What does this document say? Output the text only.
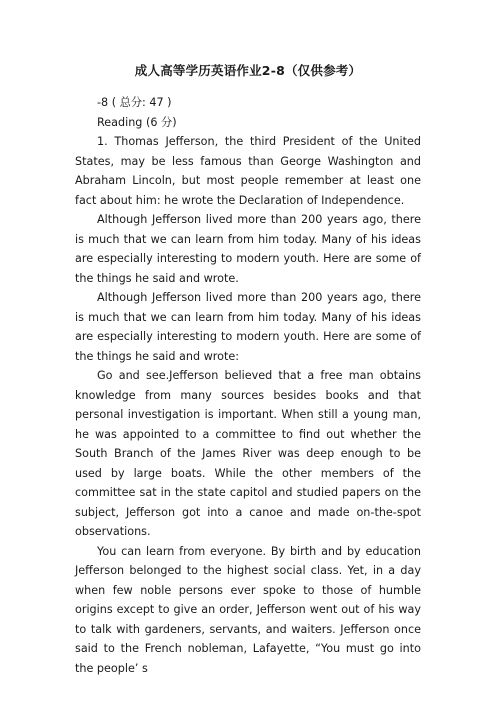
成人高等学历英语作业2-8（仅供参考）

-8 ( 总分: 47 )

Reading (6 分)

1. Thomas Jefferson, the third President of the United States, may be less famous than George Washington and Abraham Lincoln, but most people remember at least one fact about him: he wrote the Declaration of Independence.

Although Jefferson lived more than 200 years ago, there is much that we can learn from him today. Many of his ideas are especially interesting to modern youth. Here are some of the things he said and wrote.

Although Jefferson lived more than 200 years ago, there is much that we can learn from him today. Many of his ideas are especially interesting to modern youth. Here are some of the things he said and wrote:

Go and see.Jefferson believed that a free man obtains knowledge from many sources besides books and that personal investigation is important. When still a young man, he was appointed to a committee to find out whether the South Branch of the James River was deep enough to be used by large boats. While the other members of the committee sat in the state capitol and studied papers on the subject, Jefferson got into a canoe and made on-the-spot observations.

You can learn from everyone. By birth and by education Jefferson belonged to the highest social class. Yet, in a day when few noble persons ever spoke to those of humble origins except to give an order, Jefferson went out of his way to talk with gardeners, servants, and waiters. Jefferson once said to the French nobleman, Lafayette, “You must go into the people’ s
